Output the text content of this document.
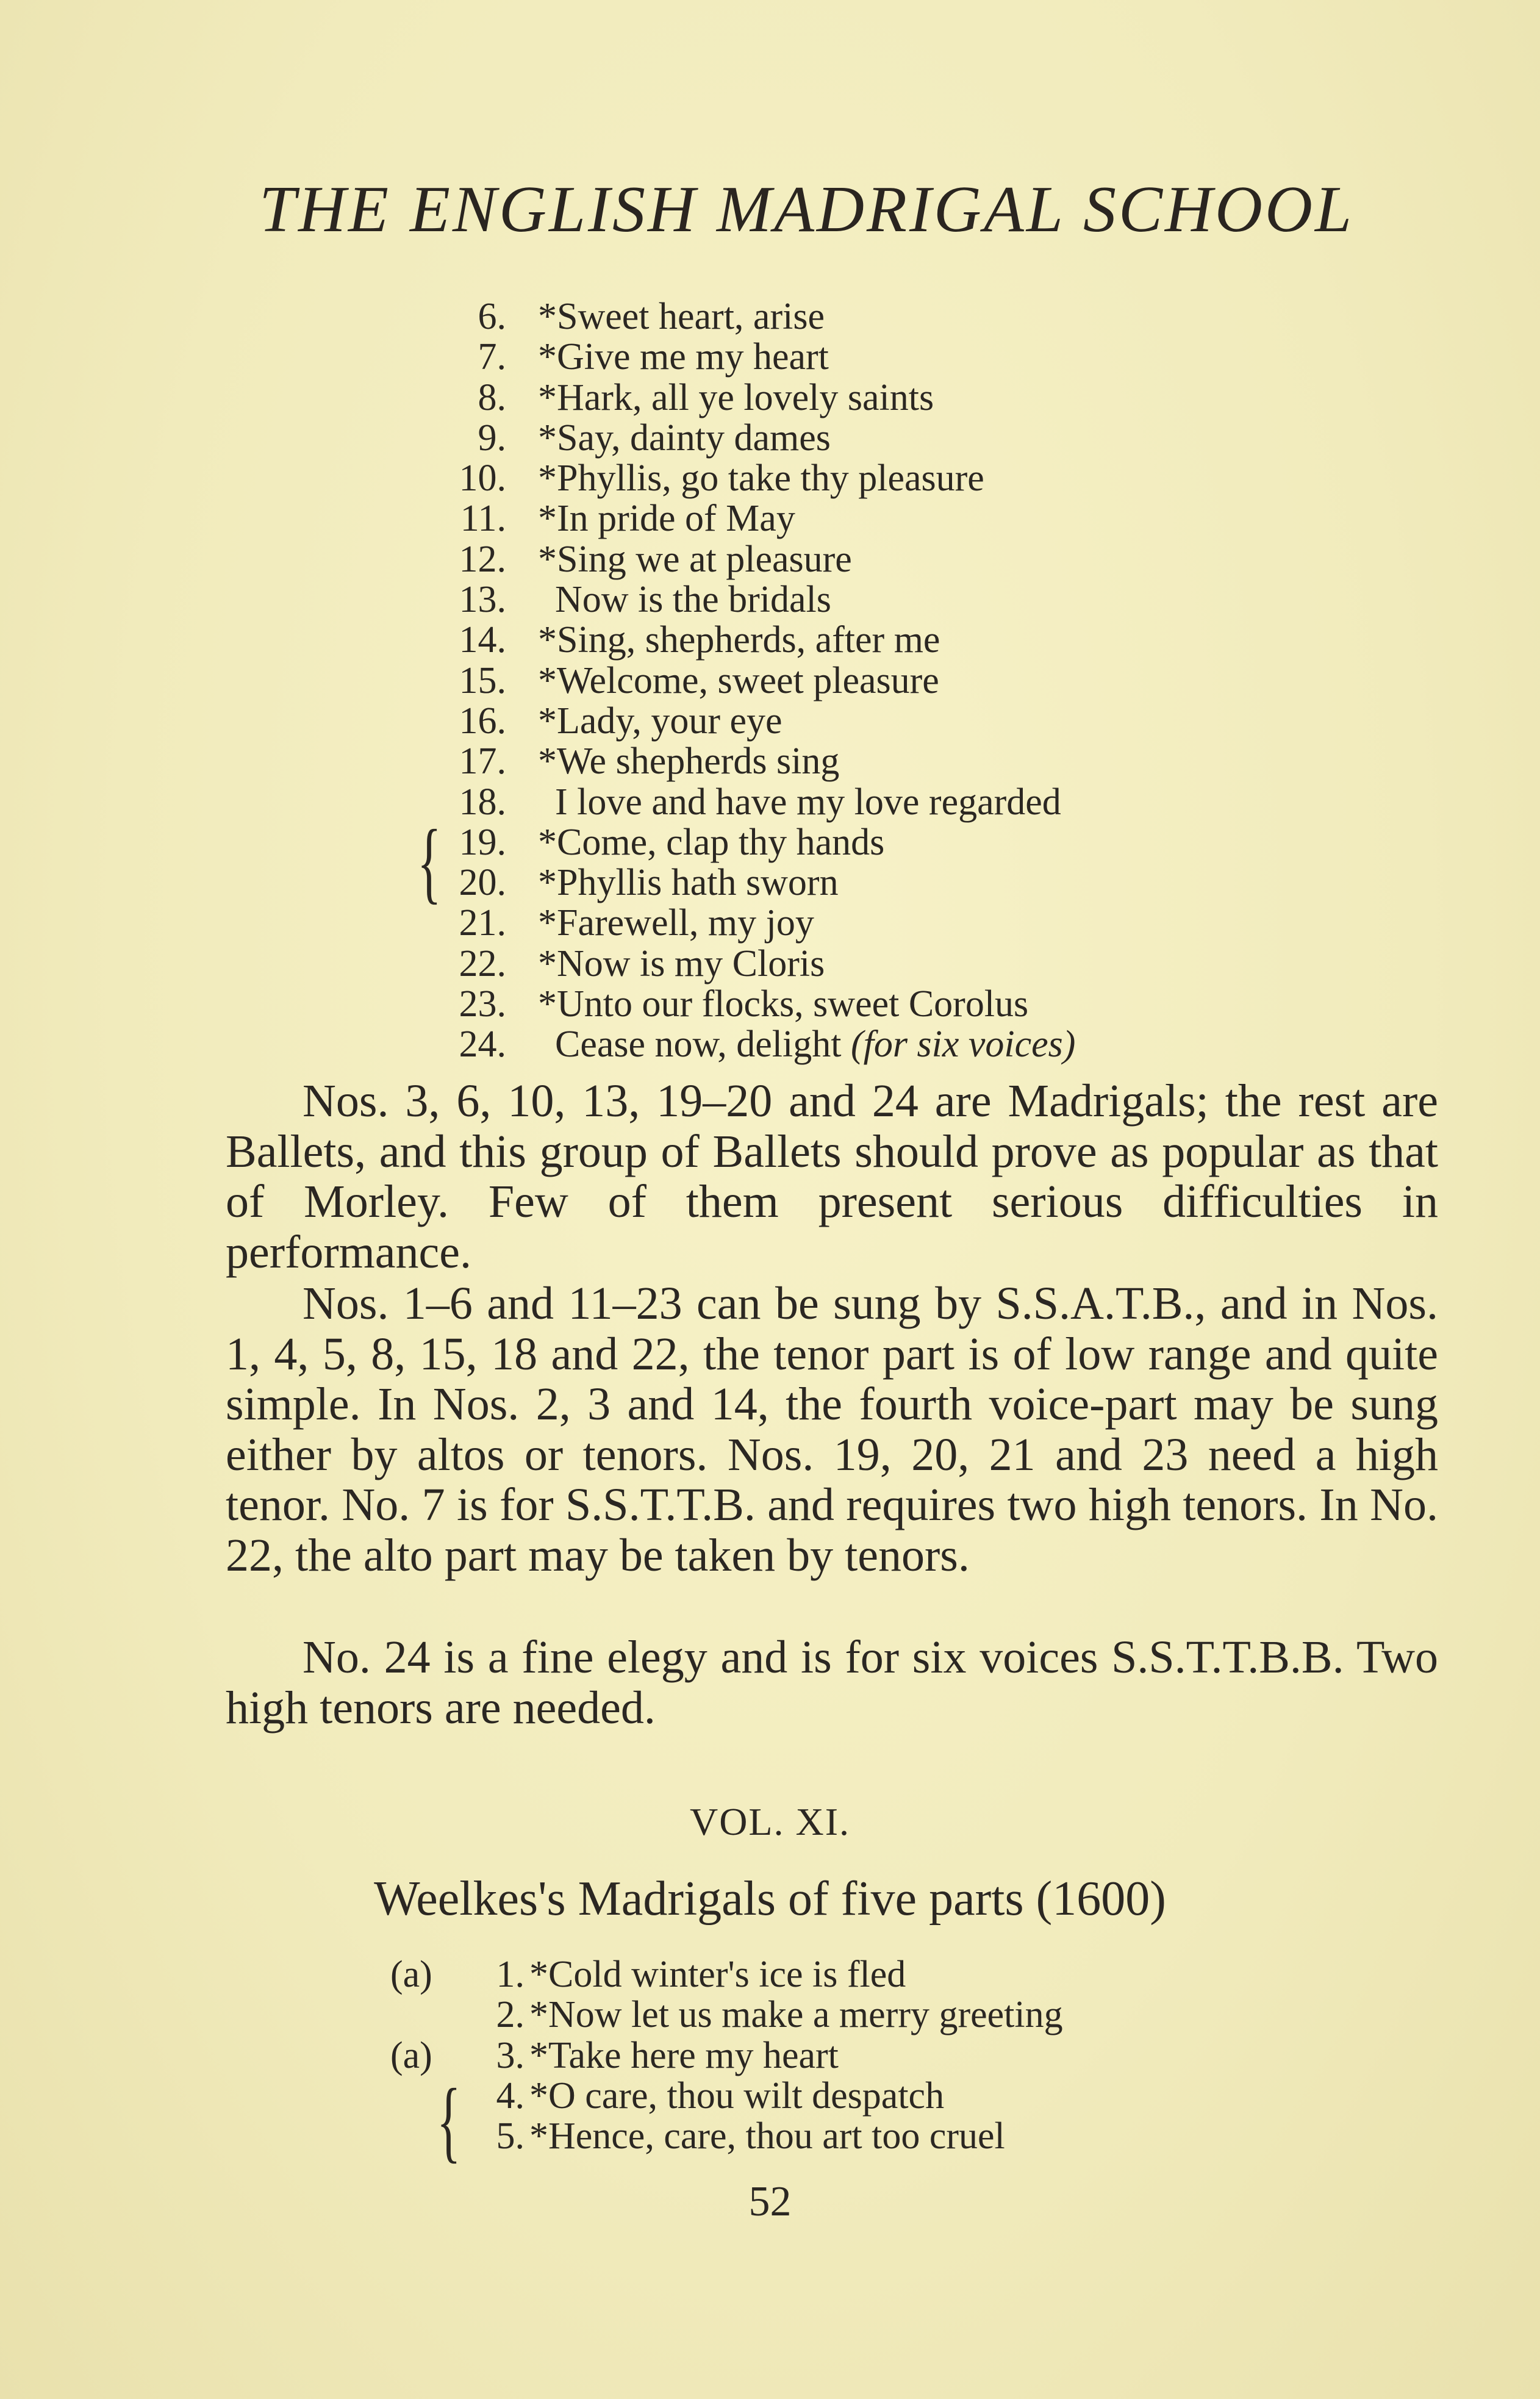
THE ENGLISH MADRIGAL SCHOOL
6. *Sweet heart, arise
7. *Give me my heart
8. *Hark, all ye lovely saints
9. *Say, dainty dames
10. *Phyllis, go take thy pleasure
11. *In pride of May
12. *Sing we at pleasure
13. Now is the bridals
14. *Sing, shepherds, after me
15. *Welcome, sweet pleasure
16. *Lady, your eye
17. *We shepherds sing
18. I love and have my love regarded
19. *Come, clap thy hands
20. *Phyllis hath sworn
21. *Farewell, my joy
22. *Now is my Cloris
23. *Unto our flocks, sweet Corolus
24. Cease now, delight (for six voices)
{

Nos. 3, 6, 10, 13, 19–20 and 24 are Madrigals; the rest are Ballets, and this group of Ballets should prove as popular as that of Morley. Few of them present serious difficulties in performance.

Nos. 1–6 and 11–23 can be sung by S.S.A.T.B., and in Nos. 1, 4, 5, 8, 15, 18 and 22, the tenor part is of low range and quite simple. In Nos. 2, 3 and 14, the fourth voice-part may be sung either by altos or tenors. Nos. 19, 20, 21 and 23 need a high tenor. No. 7 is for S.S.T.T.B. and requires two high tenors. In No. 22, the alto part may be taken by tenors.

No. 24 is a fine elegy and is for six voices S.S.T.T.B.B. Two high tenors are needed.

VOL. XI.
Weelkes's Madrigals of five parts (1600)
(a)	1. *Cold winter's ice is fled
2. *Now let us make a merry greeting
(a)	3. *Take here my heart
4. *O care, thou wilt despatch
5. *Hence, care, thou art too cruel
{
52
